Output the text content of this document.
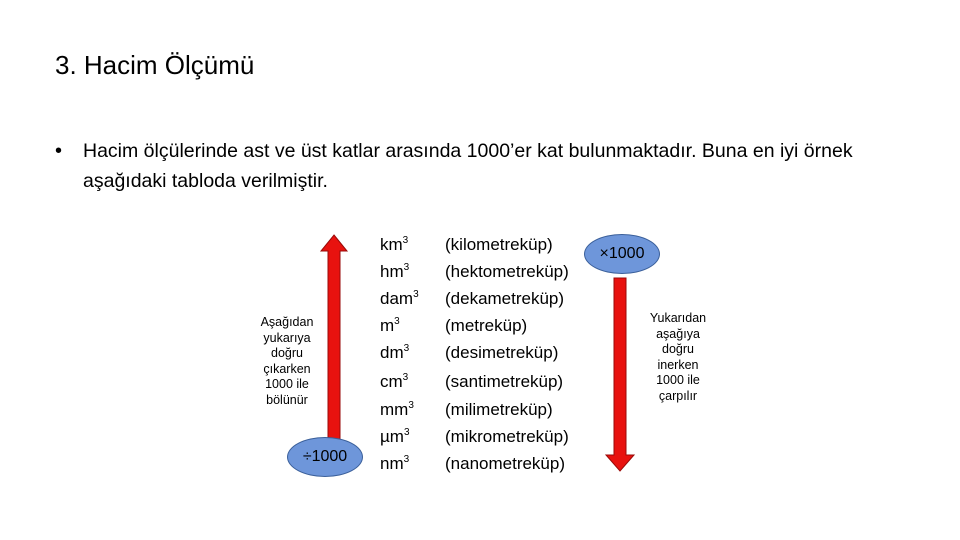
3. Hacim Ölçümü
•	Hacim ölçülerinde ast ve üst katlar arasında 1000’er kat bulunmaktadır. Buna en iyi örnek aşağıdaki tabloda verilmiştir.
$km^3$ (kilometreküp)
$hm^3$ (hektometreküp)
dam$^3$ (dekametreküp)
$m^3$	(metreküp)
$dm^3$ (desimetreküp)
$cm^3$ (santimetreküp)
$mm^3$ (milimetreküp)
µm$^3$ (mikrometreküp)
$nm^3$ (nanometreküp)
Aşağıdan
yukarıya
doğru
çıkarken
1000 ile
bölünür
Yukarıdan
aşağıya
doğru
inerken
1000 ile
çarpılır
×1000
÷1000
